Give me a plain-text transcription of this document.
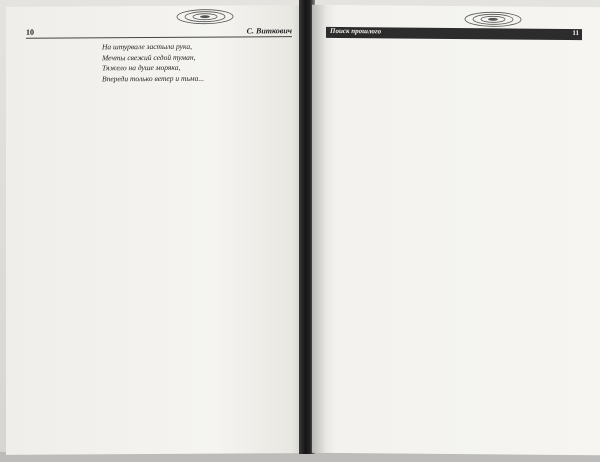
10	С. Виткович
На штурвале застыла рука,
Мечты свежий седой туман,
Тяжело на душе моряка,
Впереди только ветер и тьма...
Поиск прошлого	11
